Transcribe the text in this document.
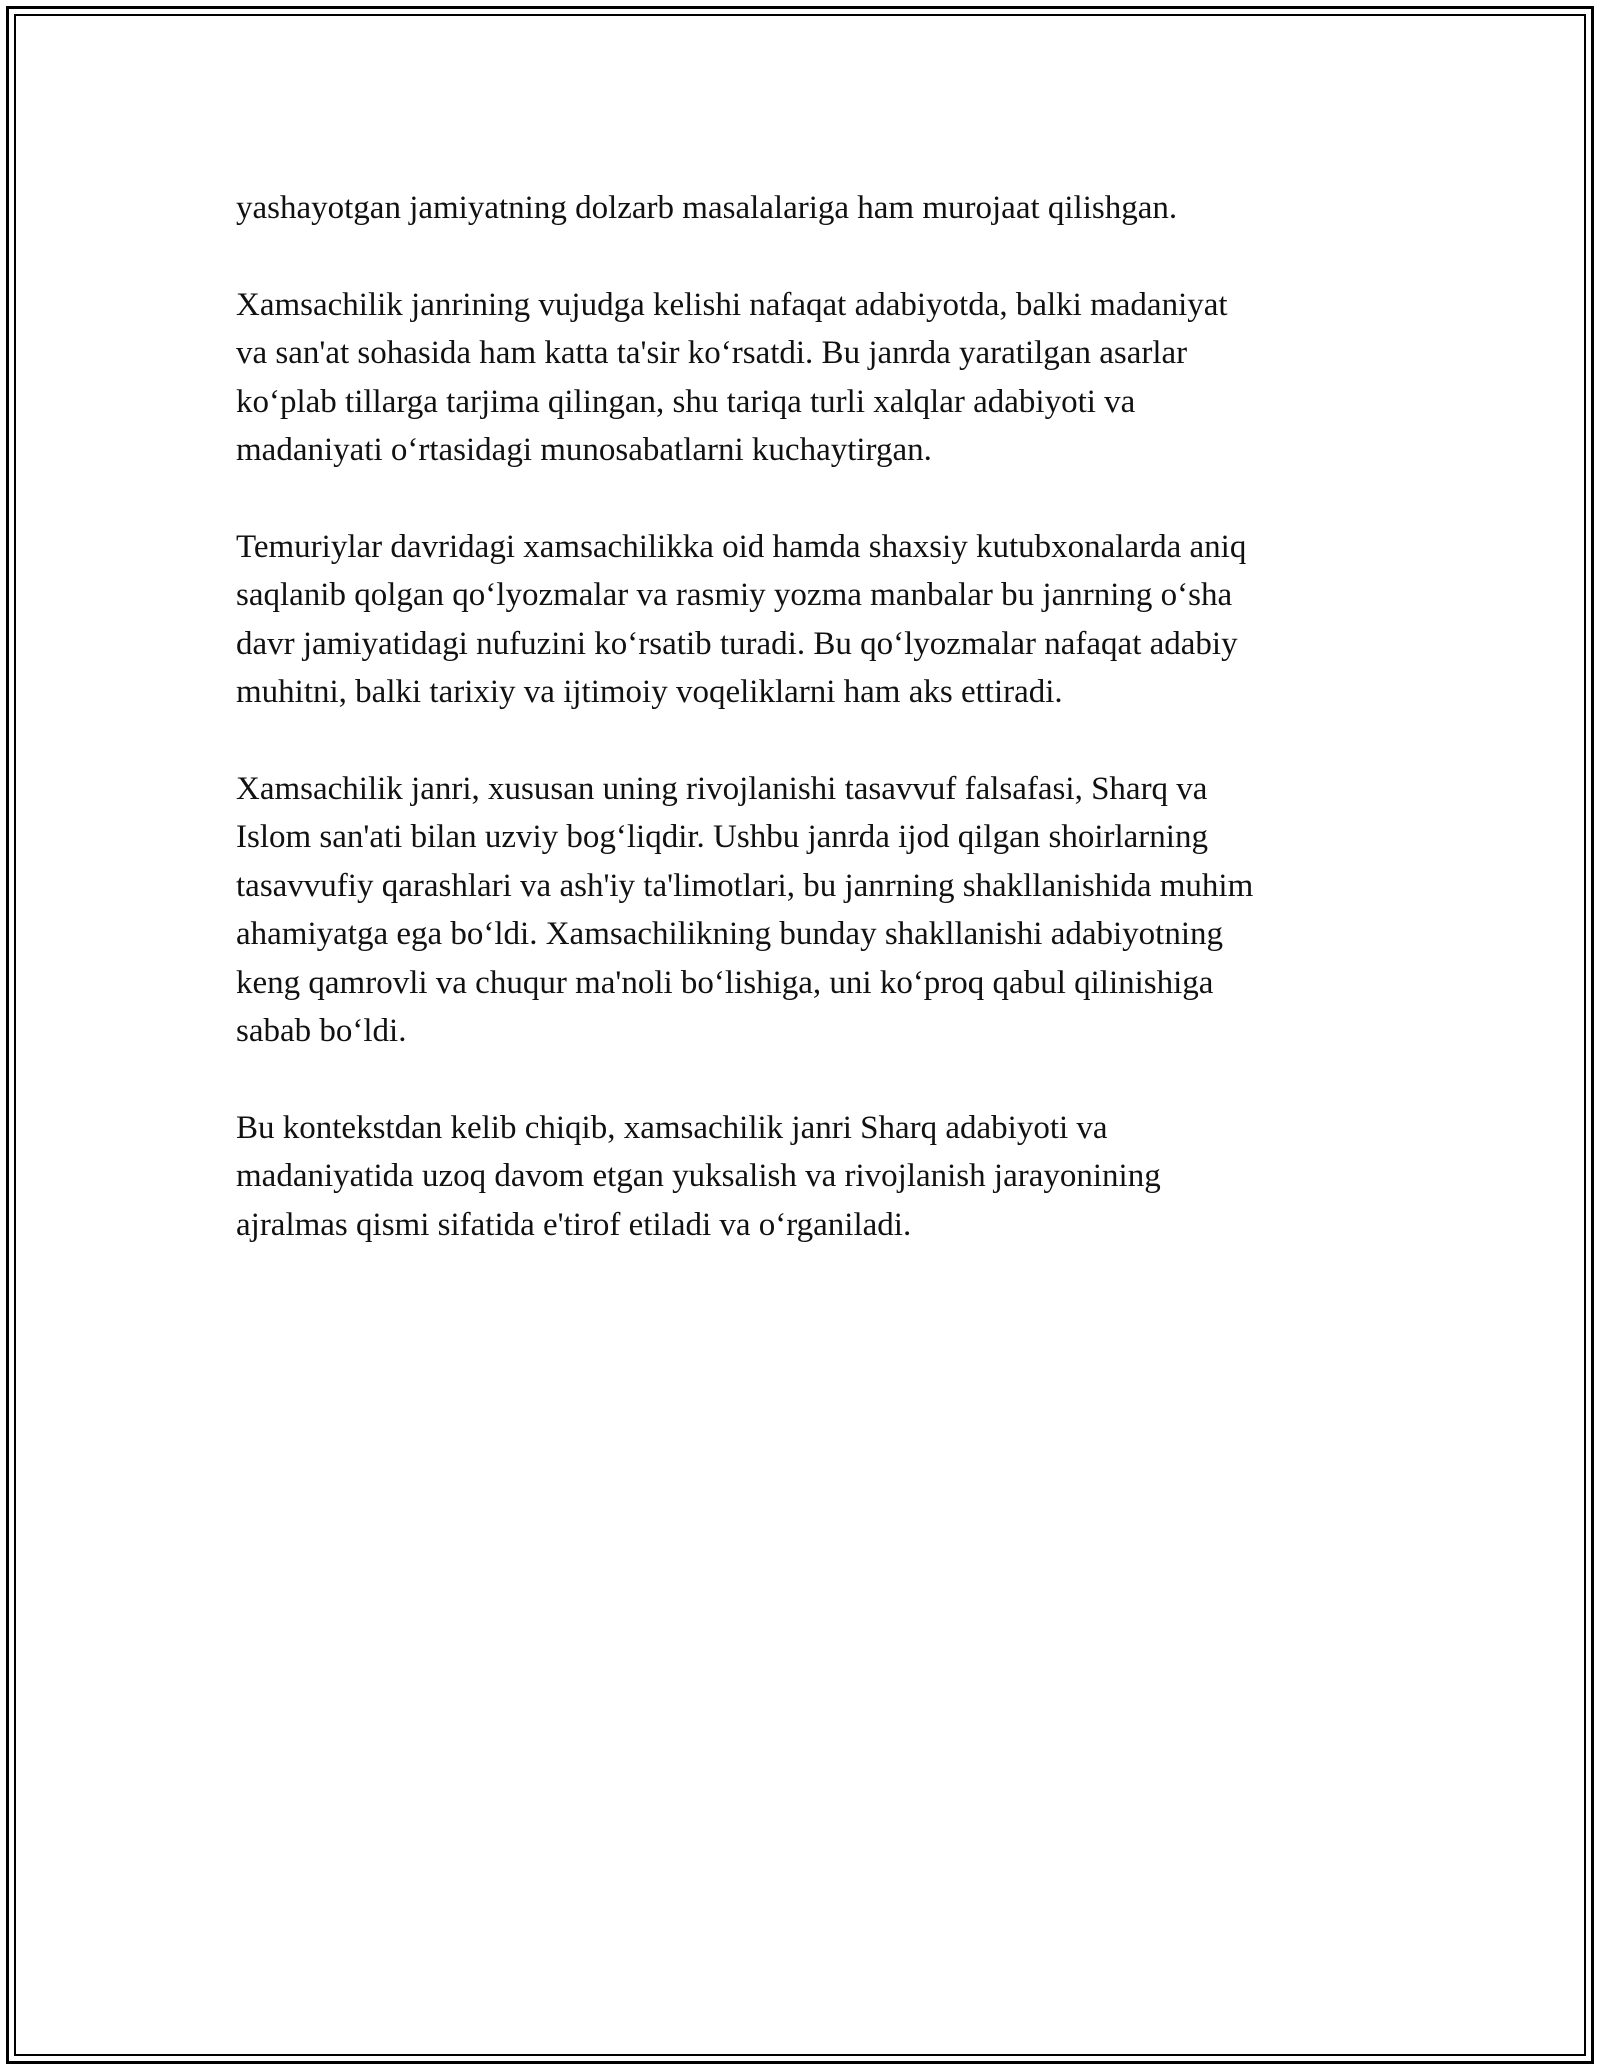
yashayotgan jamiyatning dolzarb masalalariga ham murojaat qilishgan.

Xamsachilik janrining vujudga kelishi nafaqat adabiyotda, balki madaniyat
va san'at sohasida ham katta ta'sir ko‘rsatdi. Bu janrda yaratilgan asarlar
ko‘plab tillarga tarjima qilingan, shu tariqa turli xalqlar adabiyoti va
madaniyati o‘rtasidagi munosabatlarni kuchaytirgan.

Temuriylar davridagi xamsachilikka oid hamda shaxsiy kutubxonalarda aniq
saqlanib qolgan qo‘lyozmalar va rasmiy yozma manbalar bu janrning o‘sha
davr jamiyatidagi nufuzini ko‘rsatib turadi. Bu qo‘lyozmalar nafaqat adabiy
muhitni, balki tarixiy va ijtimoiy voqeliklarni ham aks ettiradi.

Xamsachilik janri, xususan uning rivojlanishi tasavvuf falsafasi, Sharq va
Islom san'ati bilan uzviy bog‘liqdir. Ushbu janrda ijod qilgan shoirlarning
tasavvufiy qarashlari va ash'iy ta'limotlari, bu janrning shakllanishida muhim
ahamiyatga ega bo‘ldi. Xamsachilikning bunday shakllanishi adabiyotning
keng qamrovli va chuqur ma'noli bo‘lishiga, uni ko‘proq qabul qilinishiga
sabab bo‘ldi.

Bu kontekstdan kelib chiqib, xamsachilik janri Sharq adabiyoti va
madaniyatida uzoq davom etgan yuksalish va rivojlanish jarayonining
ajralmas qismi sifatida e'tirof etiladi va o‘rganiladi.
